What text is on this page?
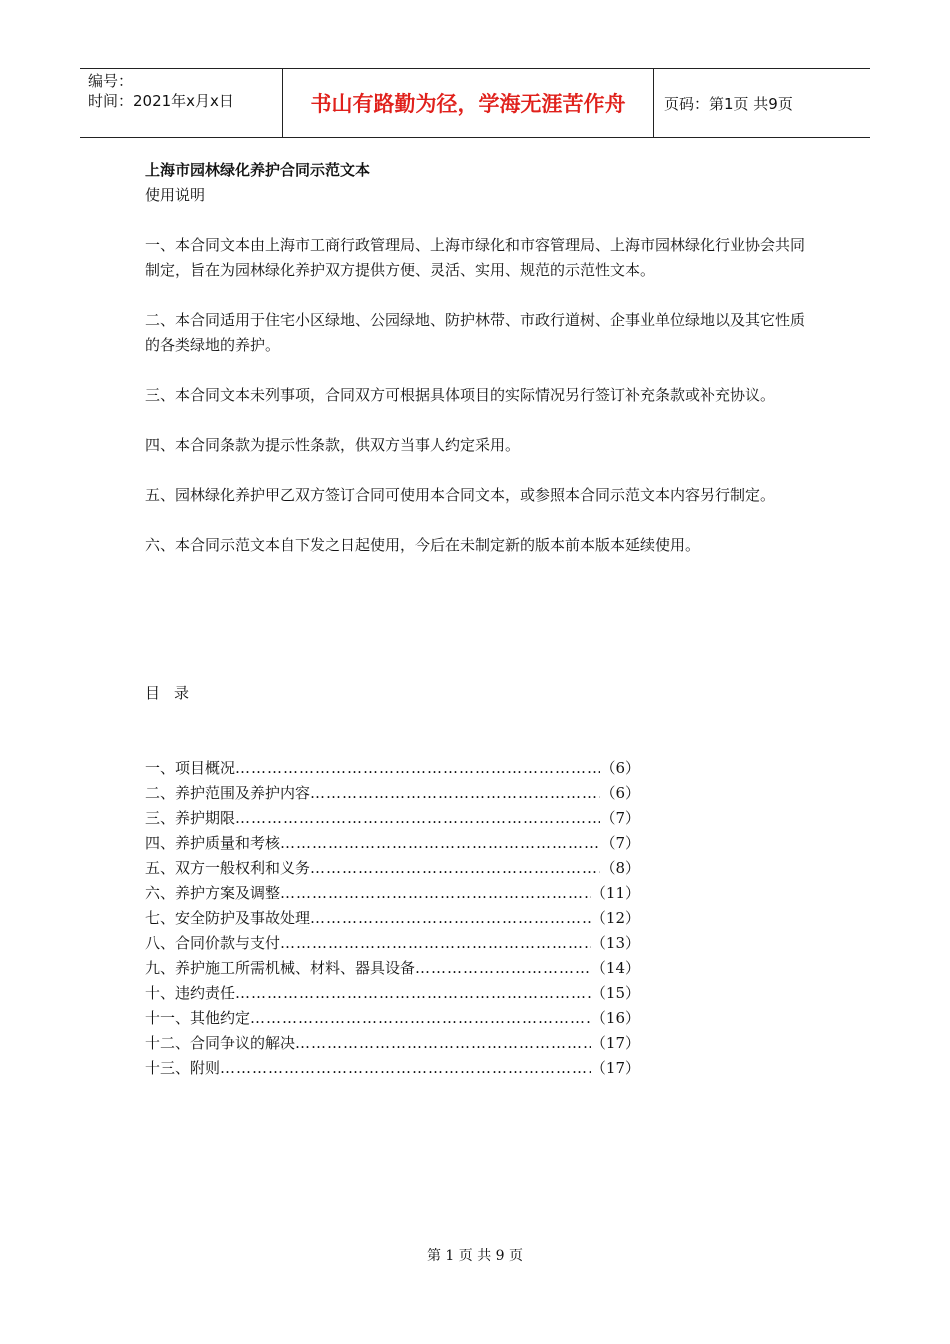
编号：
时间：2021年x月x日	书山有路勤为径，学海无涯苦作舟	页码：第1页 共9页

上海市园林绿化养护合同示范文本

使用说明

一、本合同文本由上海市工商行政管理局、上海市绿化和市容管理局、上海市园林绿化行业协会共同制定，旨在为园林绿化养护双方提供方便、灵活、实用、规范的示范性文本。

二、本合同适用于住宅小区绿地、公园绿地、防护林带、市政行道树、企事业单位绿地以及其它性质的各类绿地的养护。

三、本合同文本未列事项，合同双方可根据具体项目的实际情况另行签订补充条款或补充协议。

四、本合同条款为提示性条款，供双方当事人约定采用。

五、园林绿化养护甲乙双方签订合同可使用本合同文本，或参照本合同示范文本内容另行制定。

六、本合同示范文本自下发之日起使用，今后在未制定新的版本前本版本延续使用。

目录
一、项目概况 …………………………………………………………………………………………………………………………	（6）
二、养护范围及养护内容 …………………………………………………………………………………………………………………………	（6）
三、养护期限 …………………………………………………………………………………………………………………………	（7）
四、养护质量和考核 …………………………………………………………………………………………………………………………	（7）
五、双方一般权利和义务 …………………………………………………………………………………………………………………………	（8）
六、养护方案及调整 …………………………………………………………………………………………………………………………	（11）
七、安全防护及事故处理 …………………………………………………………………………………………………………………………	（12）
八、合同价款与支付 …………………………………………………………………………………………………………………………	（13）
九、养护施工所需机械、材料、器具设备 …………………………………………………………………………………………………………………………	（14）
十、违约责任 …………………………………………………………………………………………………………………………	（15）
十一、其他约定 …………………………………………………………………………………………………………………………	（16）
十二、合同争议的解决 …………………………………………………………………………………………………………………………	（17）
十三、附则 …………………………………………………………………………………………………………………………	（17）
第 1 页 共 9 页
